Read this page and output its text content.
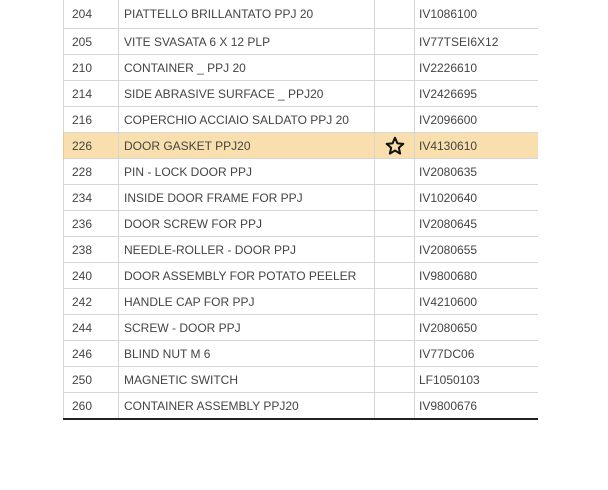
204	PIATTELLO BRILLANTATO PPJ 20		IV1086100
205	VITE SVASATA 6 X 12 PLP		IV77TSEI6X12
210	CONTAINER _ PPJ 20		IV2226610
214	SIDE ABRASIVE SURFACE _ PPJ20		IV2426695
216	COPERCHIO ACCIAIO SALDATO PPJ 20		IV2096600
226	DOOR GASKET PPJ20		IV4130610
228	PIN - LOCK DOOR PPJ		IV2080635
234	INSIDE DOOR FRAME FOR PPJ		IV1020640
236	DOOR SCREW FOR PPJ		IV2080645
238	NEEDLE-ROLLER - DOOR PPJ		IV2080655
240	DOOR ASSEMBLY FOR POTATO PEELER		IV9800680
242	HANDLE CAP FOR PPJ		IV4210600
244	SCREW - DOOR PPJ		IV2080650
246	BLIND NUT M 6		IV77DC06
250	MAGNETIC SWITCH		LF1050103
260	CONTAINER ASSEMBLY PPJ20		IV9800676
